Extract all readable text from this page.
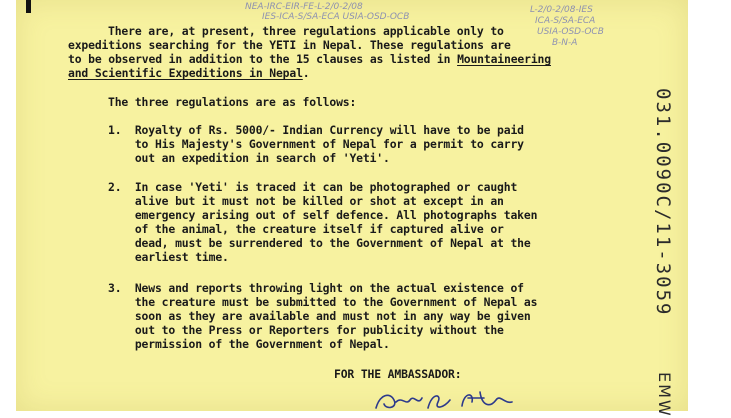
NEA-IRC-EIR-FE-L-2/0-2/08
IES-ICA-S/SA-ECA USIA-OSD-OCB
L-2/0-2/08-IES
ICA-S/SA-ECA
USIA-OSD-OCB
B-N-A
There are, at present, three regulations applicable only to
expeditions searching for the YETI in Nepal. These regulations are
to be observed in addition to the 15 clauses as listed in Mountaineering
and Scientific Expeditions in Nepal.
The three regulations are as follows:
1.  Royalty of Rs. 5000/- Indian Currency will have to be paid
to His Majesty's Government of Nepal for a permit to carry
out an expedition in search of 'Yeti'.
2.  In case 'Yeti' is traced it can be photographed or caught
alive but it must not be killed or shot at except in an
emergency arising out of self defence. All photographs taken
of the animal, the creature itself if captured alive or
dead, must be surrendered to the Government of Nepal at the
earliest time.
3.  News and reports throwing light on the actual existence of
the creature must be submitted to the Government of Nepal as
soon as they are available and must not in any way be given
out to the Press or Reporters for publicity without the
permission of the Government of Nepal.
FOR THE AMBASSADOR:
031.0090C/11-3059
EMW
